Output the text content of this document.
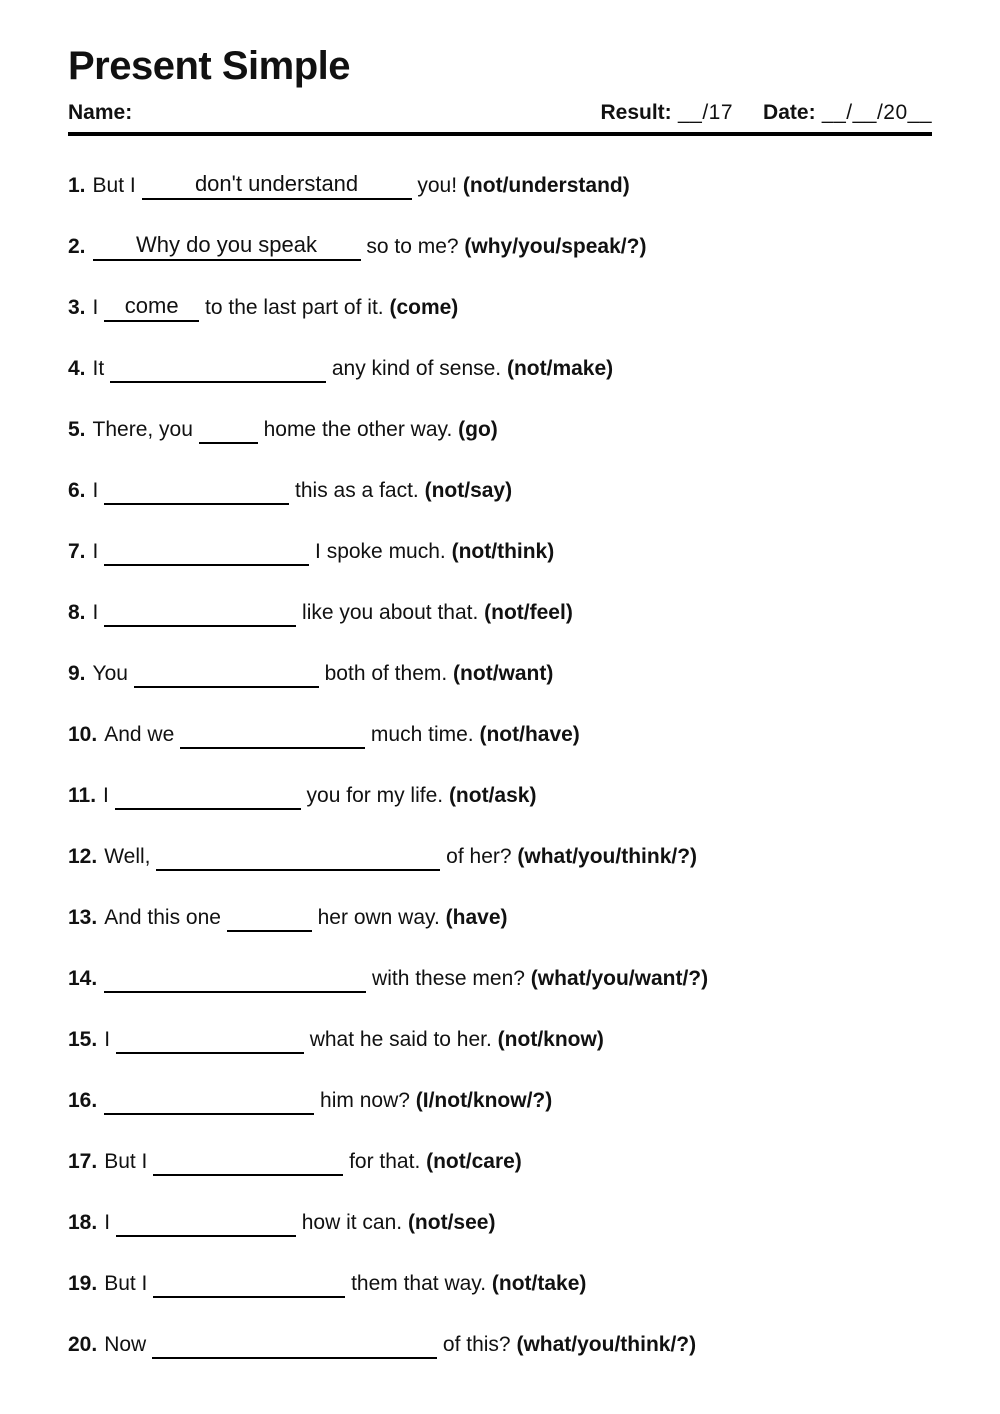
Present Simple
Name:	Result: __/17 Date: __/__/20__
1. But I	don't understand	you! (not/understand)
2.	Why do you speak	so to me? (why/you/speak/?)
3. I come to the last part of it. (come)
4. It	any kind of sense. (not/make)
5. There, you	home the other way. (go)
6. I	this as a fact. (not/say)
7. I	I spoke much. (not/think)
8. I	like you about that. (not/feel)
9. You	both of them. (not/want)
10. And we	much time. (not/have)
11. I	you for my life. (not/ask)
12. Well,	of her? (what/you/think/?)
13. And this one	her own way. (have)
14.	with these men? (what/you/want/?)
15. I	what he said to her. (not/know)
16.	him now? (I/not/know/?)
17. But I	for that. (not/care)
18. I	how it can. (not/see)
19. But I	them that way. (not/take)
20. Now	of this? (what/you/think/?)
